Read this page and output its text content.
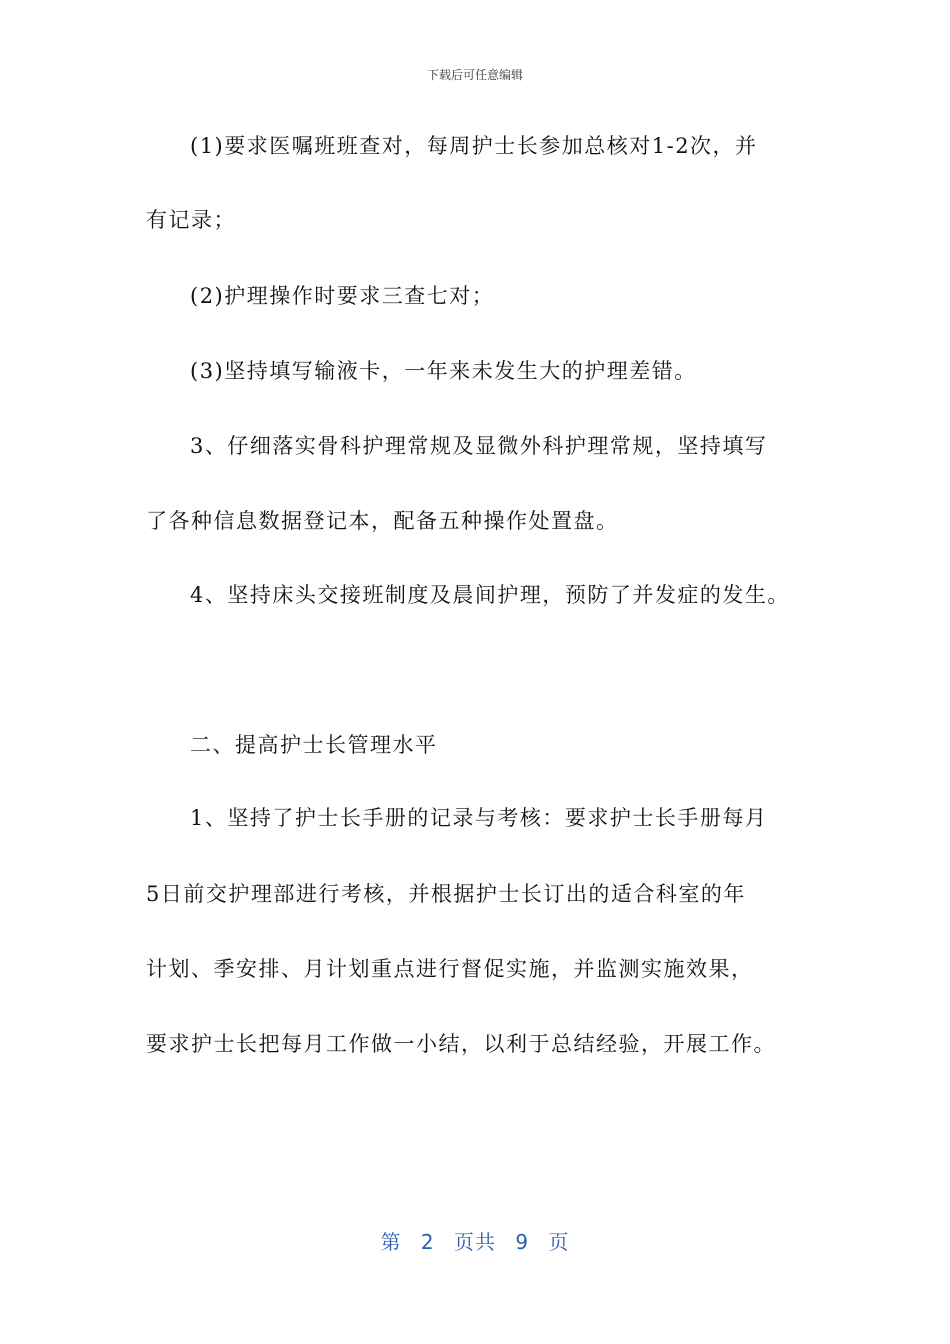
下载后可任意编辑
(1)要求医嘱班班查对，每周护士长参加总核对1-2次，并
有记录；
(2)护理操作时要求三查七对；
(3)坚持填写输液卡，一年来未发生大的护理差错。
3、仔细落实骨科护理常规及显微外科护理常规，坚持填写
了各种信息数据登记本，配备五种操作处置盘。
4、坚持床头交接班制度及晨间护理，预防了并发症的发生。
二、提高护士长管理水平
1、坚持了护士长手册的记录与考核：要求护士长手册每月
5日前交护理部进行考核，并根据护士长订出的适合科室的年
计划、季安排、月计划重点进行督促实施，并监测实施效果，
要求护士长把每月工作做一小结，以利于总结经验，开展工作。
第 2 页共 9 页
